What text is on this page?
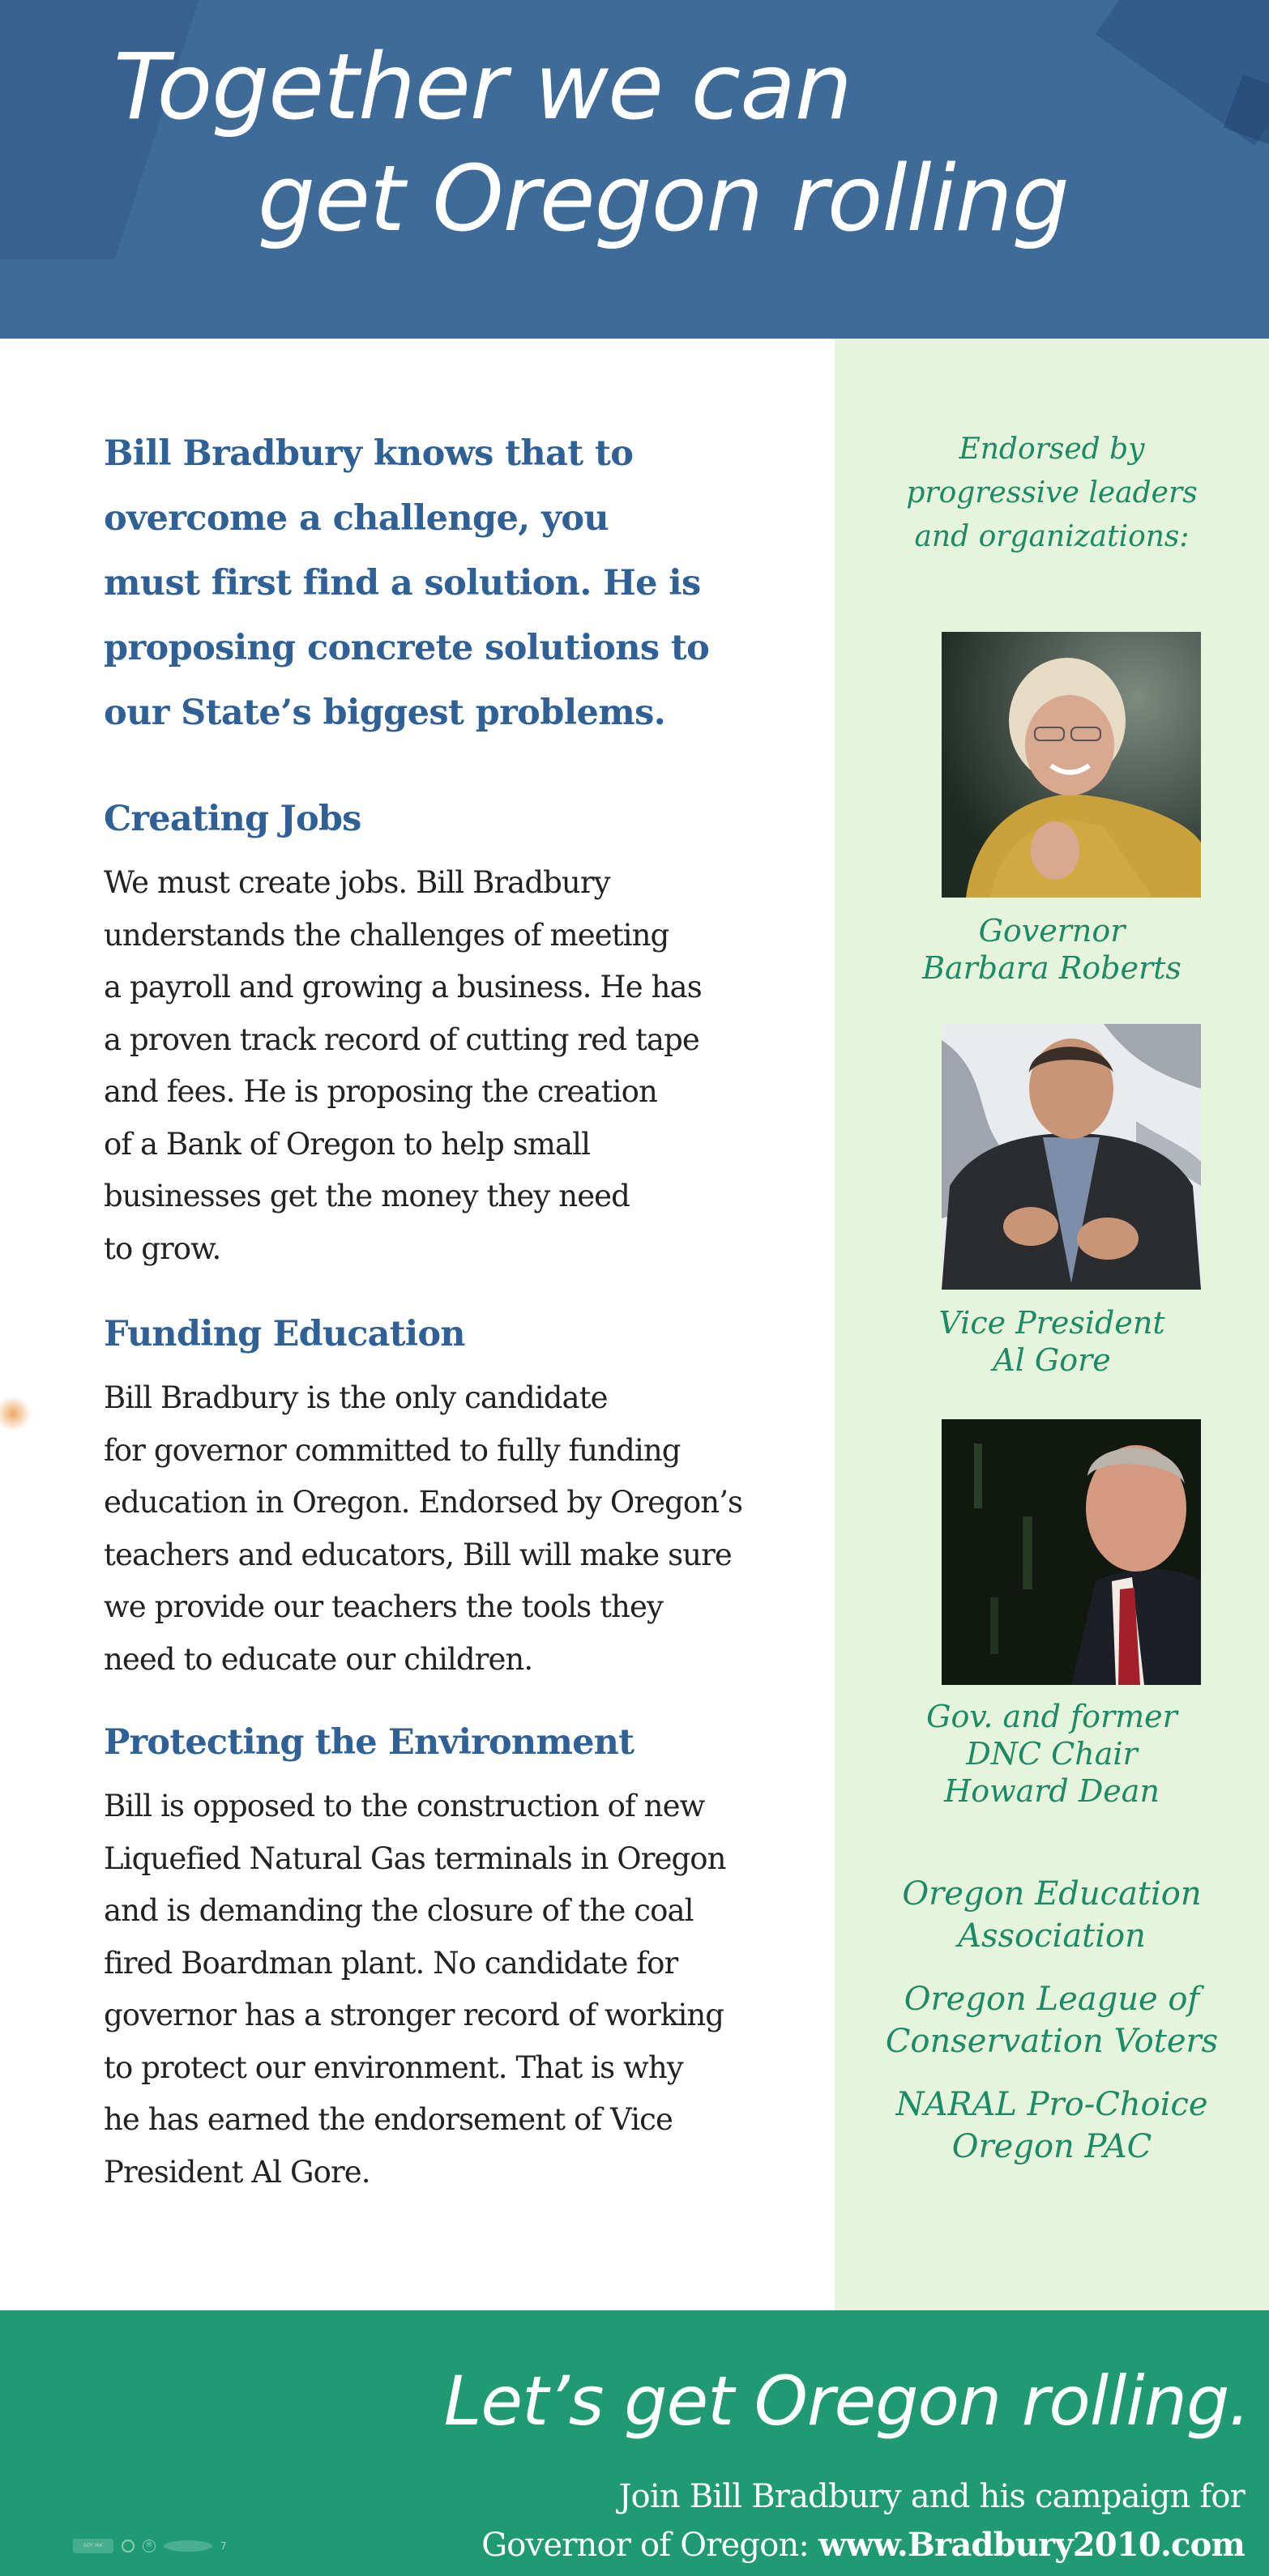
Together we can
get Oregon rolling
Bill Bradbury knows that to
overcome a challenge, you
must first find a solution. He is
proposing concrete solutions to
our State’s biggest problems.
Creating Jobs
We must create jobs. Bill Bradbury
understands the challenges of meeting
a payroll and growing a business. He has
a proven track record of cutting red tape
and fees. He is proposing the creation
of a Bank of Oregon to help small
businesses get the money they need
to grow.
Funding Education
Bill Bradbury is the only candidate
for governor committed to fully funding
education in Oregon. Endorsed by Oregon’s
teachers and educators, Bill will make sure
we provide our teachers the tools they
need to educate our children.
Protecting the Environment
Bill is opposed to the construction of new
Liquefied Natural Gas terminals in Oregon
and is demanding the closure of the coal
fired Boardman plant. No candidate for
governor has a stronger record of working
to protect our environment. That is why
he has earned the endorsement of Vice
President Al Gore.
Endorsed by
progressive leaders
and organizations:
Governor
Barbara Roberts
Vice President
Al Gore
Gov. and former
DNC Chair
Howard Dean
Oregon Education
Association
Oregon League of
Conservation Voters
NARAL Pro-Choice
Oregon PAC
Let’s get Oregon rolling.
Join Bill Bradbury and his campaign for
Governor of Oregon: www.Bradbury2010.com
SOY INK	®	7
